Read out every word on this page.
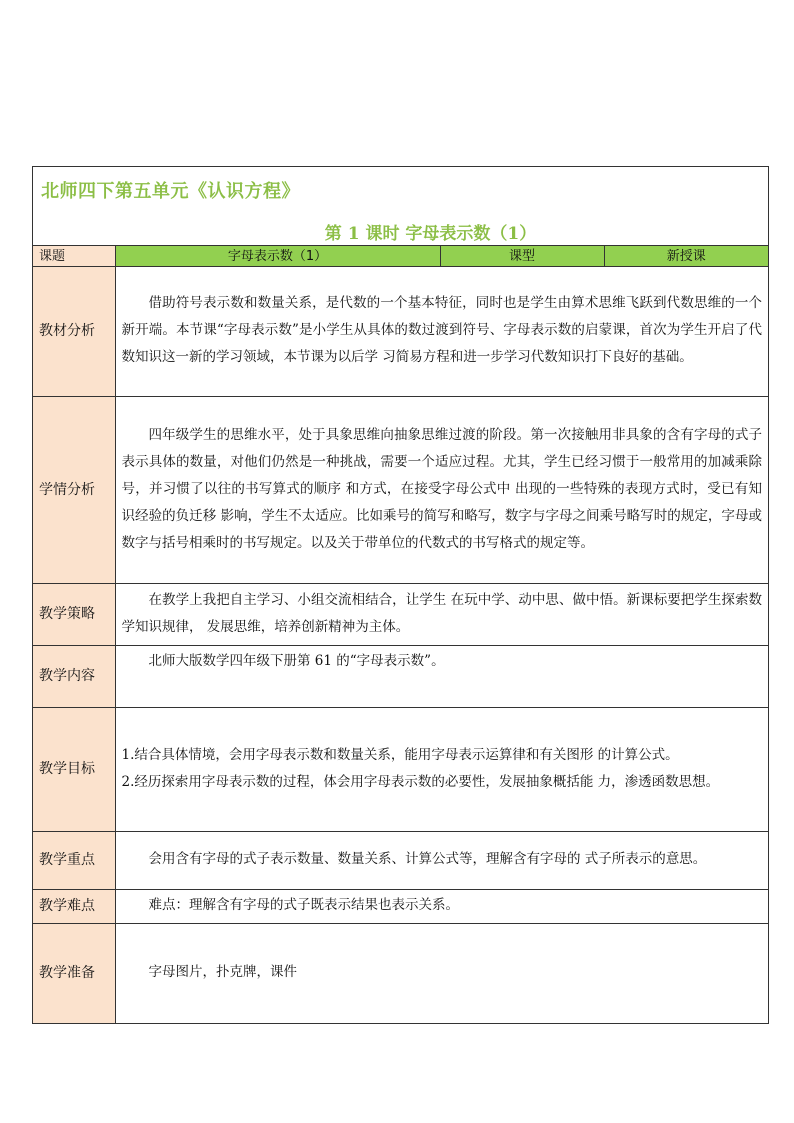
北师四下第五单元《认识方程》
第 1 课时 字母表示数（1）
课题	字母表示数（1）	课型	新授课
教材分析	借助符号表示数和数量关系，是代数的一个基本特征，同时也是学生由算术思维飞跃到代数思维的一个新开端。本节课“字母表示数”是小学生从具体的数过渡到符号、字母表示数的启蒙课，首次为学生开启了代数知识这一新的学习领域，本节课为以后学 习简易方程和进一步学习代数知识打下良好的基础。		
学情分析	四年级学生的思维水平，处于具象思维向抽象思维过渡的阶段。第一次接触用非具象的含有字母的式子表示具体的数量，对他们仍然是一种挑战，需要一个适应过程。尤其，学生已经习惯于一般常用的加减乘除号，并习惯了以往的书写算式的顺序 和方式，在接受字母公式中 出现的一些特殊的表现方式时，受已有知识经验的负迁移 影响，学生不太适应。比如乘号的简写和略写，数字与字母之间乘号略写时的规定，字母或数字与括号相乘时的书写规定。以及关于带单位的代数式的书写格式的规定等。		
教学策略	在教学上我把自主学习、小组交流相结合，让学生 在玩中学、动中思、做中悟。新课标要把学生探索数学知识规律， 发展思维，培养创新精神为主体。		
教学内容	北师大版数学四年级下册第 61 的“字母表示数”。		
教学目标	1.结合具体情境，会用字母表示数和数量关系，能用字母表示运算律和有关图形 的计算公式。

2.经历探索用字母表示数的过程，体会用字母表示数的必要性，发展抽象概括能 力，渗透函数思想。		

教学重点	会用含有字母的式子表示数量、数量关系、计算公式等，理解含有字母的 式子所表示的意思。		
教学难点	难点：理解含有字母的式子既表示结果也表示关系。		
教学准备	字母图片，扑克牌，课件		
